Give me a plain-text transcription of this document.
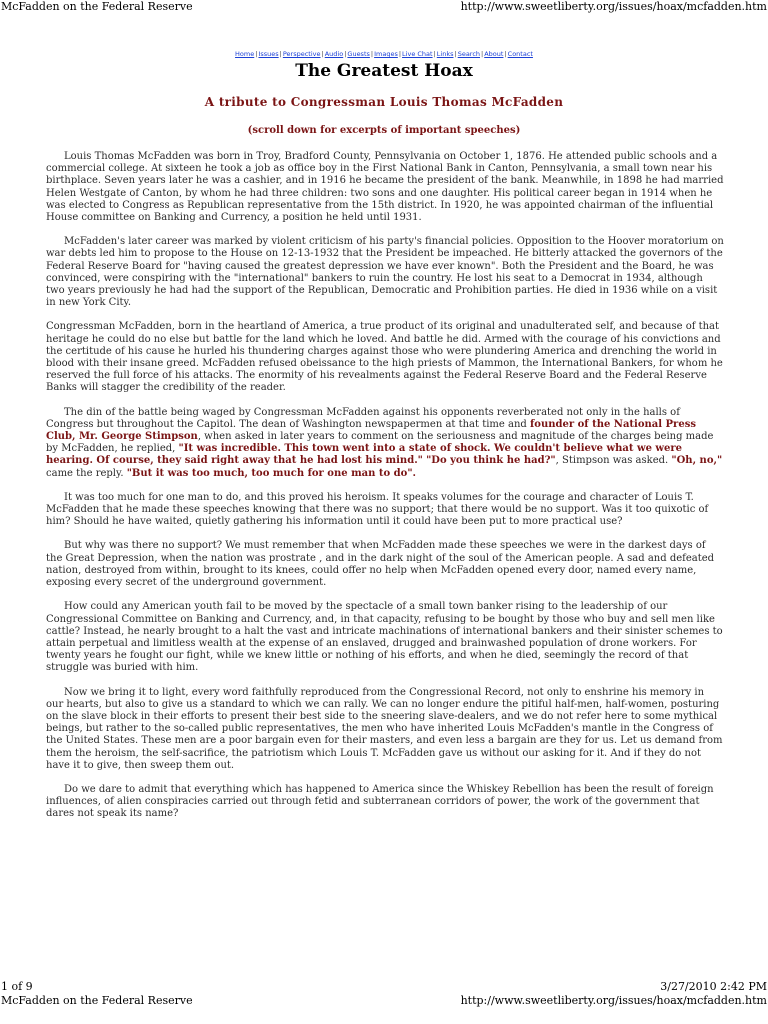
McFadden on the Federal Reserve	http://www.sweetliberty.org/issues/hoax/mcfadden.htm
Home|Issues|Perspective|Audio|Guests|Images|Live Chat|Links|Search|About|Contact
The Greatest Hoax
A tribute to Congressman Louis Thomas McFadden

(scroll down for excerpts of important speeches)

Louis Thomas McFadden was born in Troy, Bradford County, Pennsylvania on October 1, 1876. He attended public schools and a commercial college. At sixteen he took a job as office boy in the First National Bank in Canton, Pennsylvania, a small town near his birthplace. Seven years later he was a cashier, and in 1916 he became the president of the bank. Meanwhile, in 1898 he had married Helen Westgate of Canton, by whom he had three children: two sons and one daughter. His political career began in 1914 when he was elected to Congress as Republican representative from the 15th district. In 1920, he was appointed chairman of the influential House committee on Banking and Currency, a position he held until 1931.

McFadden's later career was marked by violent criticism of his party's financial policies. Opposition to the Hoover moratorium on war debts led him to propose to the House on 12-13-1932 that the President be impeached. He bitterly attacked the governors of the Federal Reserve Board for "having caused the greatest depression we have ever known". Both the President and the Board, he was convinced, were conspiring with the "international" bankers to ruin the country. He lost his seat to a Democrat in 1934, although two years previously he had had the support of the Republican, Democratic and Prohibition parties. He died in 1936 while on a visit in new York City.

Congressman McFadden, born in the heartland of America, a true product of its original and unadulterated self, and because of that heritage he could do no else but battle for the land which he loved. And battle he did. Armed with the courage of his convictions and the certitude of his cause he hurled his thundering charges against those who were plundering America and drenching the world in blood with their insane greed. McFadden refused obeissance to the high priests of Mammon, the International Bankers, for whom he reserved the full force of his attacks. The enormity of his revealments against the Federal Reserve Board and the Federal Reserve Banks will stagger the credibility of the reader.

The din of the battle being waged by Congressman McFadden against his opponents reverberated not only in the halls of Congress but throughout the Capitol. The dean of Washington newspapermen at that time and founder of the National Press Club, Mr. George Stimpson, when asked in later years to comment on the seriousness and magnitude of the charges being made by McFadden, he replied, "It was incredible. This town went into a state of shock. We couldn't believe what we were hearing. Of course, they said right away that he had lost his mind." "Do you think he had?", Stimpson was asked. "Oh, no," came the reply. "But it was too much, too much for one man to do".

It was too much for one man to do, and this proved his heroism. It speaks volumes for the courage and character of Louis T. McFadden that he made these speeches knowing that there was no support; that there would be no support. Was it too quixotic of him? Should he have waited, quietly gathering his information until it could have been put to more practical use?

But why was there no support? We must remember that when McFadden made these speeches we were in the darkest days of the Great Depression, when the nation was prostrate , and in the dark night of the soul of the American people. A sad and defeated nation, destroyed from within, brought to its knees, could offer no help when McFadden opened every door, named every name, exposing every secret of the underground government.

How could any American youth fail to be moved by the spectacle of a small town banker rising to the leadership of our Congressional Committee on Banking and Currency, and, in that capacity, refusing to be bought by those who buy and sell men like cattle? Instead, he nearly brought to a halt the vast and intricate machinations of international bankers and their sinister schemes to attain perpetual and limitless wealth at the expense of an enslaved, drugged and brainwashed population of drone workers. For twenty years he fought our fight, while we knew little or nothing of his efforts, and when he died, seemingly the record of that struggle was buried with him.

Now we bring it to light, every word faithfully reproduced from the Congressional Record, not only to enshrine his memory in our hearts, but also to give us a standard to which we can rally. We can no longer endure the pitiful half-men, half-women, posturing on the slave block in their efforts to present their best side to the sneering slave-dealers, and we do not refer here to some mythical beings, but rather to the so-called public representatives, the men who have inherited Louis McFadden's mantle in the Congress of the United States. These men are a poor bargain even for their masters, and even less a bargain are they for us. Let us demand from them the heroism, the self-sacrifice, the patriotism which Louis T. McFadden gave us without our asking for it. And if they do not have it to give, then sweep them out.

Do we dare to admit that everything which has happened to America since the Whiskey Rebellion has been the result of foreign influences, of alien conspiracies carried out through fetid and subterranean corridors of power, the work of the government that dares not speak its name?

1 of 9	3/27/2010 2:42 PM
McFadden on the Federal Reserve	http://www.sweetliberty.org/issues/hoax/mcfadden.htm
